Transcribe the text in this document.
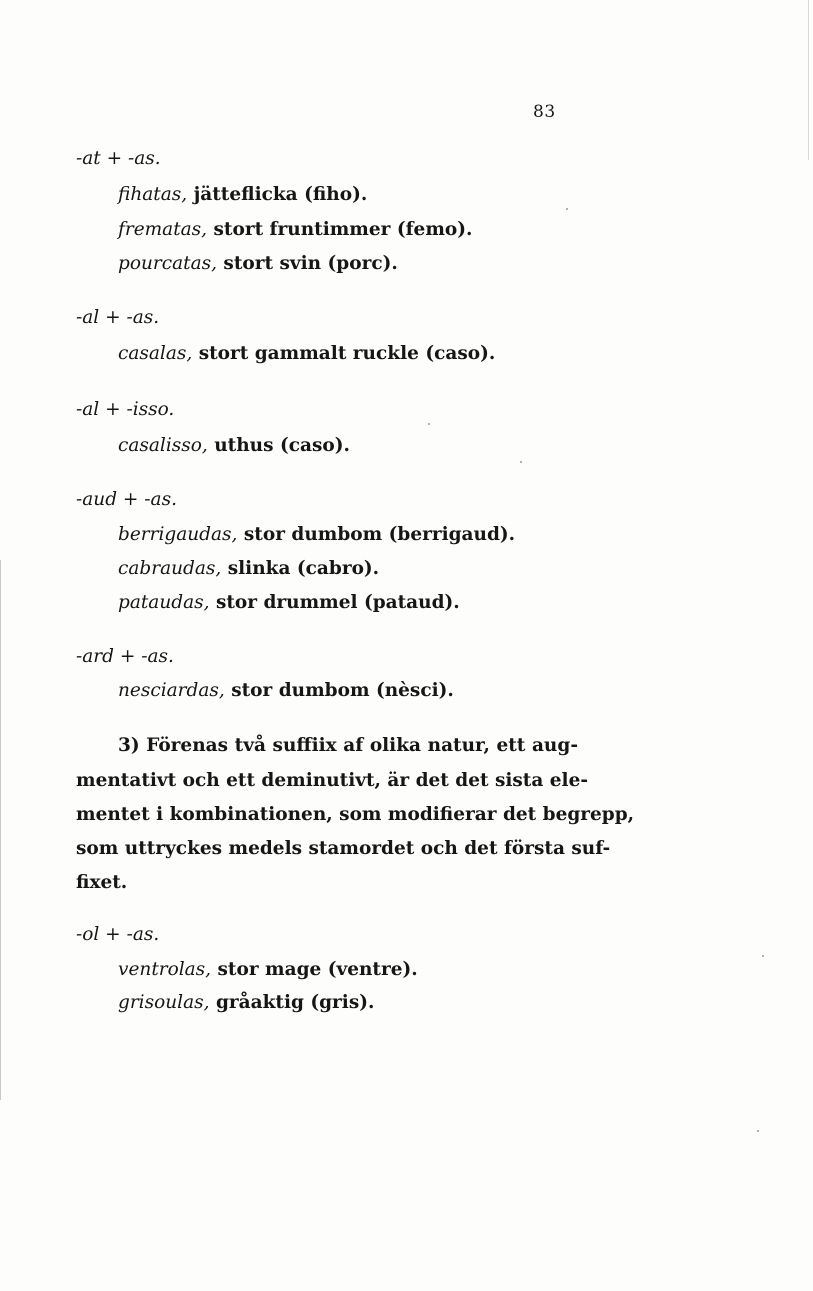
83
-at + -as.
fihatas, jätteflicka (fiho).
frematas, stort fruntimmer (femo).
pourcatas, stort svin (porc).
-al + -as.
casalas, stort gammalt ruckle (caso).
-al + -isso.
casalisso, uthus (caso).
-aud + -as.
berrigaudas, stor dumbom (berrigaud).
cabraudas, slinka (cabro).
pataudas, stor drummel (pataud).
-ard + -as.
nesciardas, stor dumbom (nèsci).
3) Förenas två suffiix af olika natur, ett aug-
mentativt och ett deminutivt, är det det sista ele-
mentet i kombinationen, som modifierar det begrepp,
som uttryckes medels stamordet och det första suf-
fixet.
-ol + -as.
ventrolas, stor mage (ventre).
grisoulas, gråaktig (gris).
